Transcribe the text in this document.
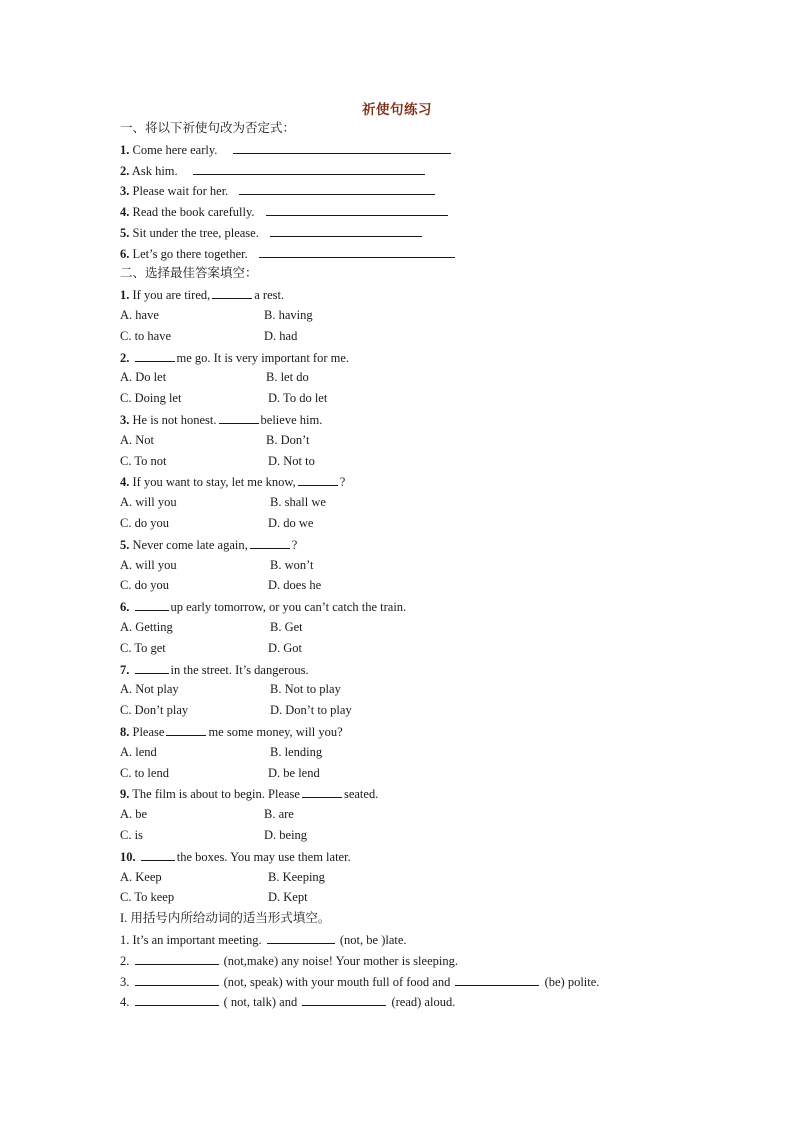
祈使句练习
一、将以下祈使句改为否定式：
1. Come here early.
2. Ask him.
3. Please wait for her.
4. Read the book carefully.
5. Sit under the tree, please.
6. Let’s go there together.
二、选择最佳答案填空：
1. If you are tired,	a rest.
A. have	B. having
C. to have	D. had
2.	me go. It is very important for me.
A. Do let	B. let do
C. Doing let	D. To do let
3. He is not honest.	believe him.
A. Not	B. Don’t
C. To not	D. Not to
4. If you want to stay, let me know,	?
A. will you	B. shall we
C. do you	D. do we
5. Never come late again,	?
A. will you	B. won’t
C. do you	D. does he
6.	up early tomorrow, or you can’t catch the train.
A. Getting	B. Get
C. To get	D. Got
7.	in the street. It’s dangerous.
A. Not play	B. Not to play
C. Don’t play	D. Don’t to play
8. Please	me some money, will you?
A. lend	B. lending
C. to lend	D. be lend
9. The film is about to begin. Please	seated.
A. be	B. are
C. is	D. being
10.	the boxes. You may use them later.
A. Keep	B. Keeping
C. To keep	D. Kept
I. 用括号内所给动词的适当形式填空。
1. It’s an important meeting.	(not, be )late.
2.	(not,make) any noise! Your mother is sleeping.
3.	(not, speak) with your mouth full of food and	(be) polite.
4.	( not, talk) and	(read) aloud.
